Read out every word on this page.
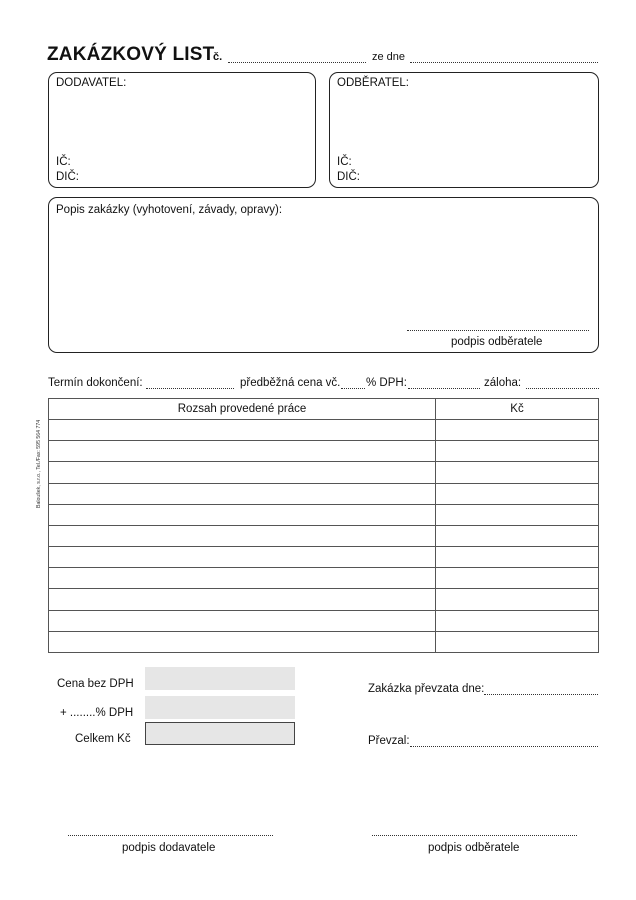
ZAKÁZKOVÝ LIST
č.	ze dne
DODAVATEL:
IČ:
DIČ:
ODBĚRATEL:
IČ:
DIČ:
Popis zakázky (vyhotovení, závady, opravy):
podpis odběratele
Termín dokončení:	předběžná cena vč. % DPH:	záloha:
Baloušek, s.r.o., Tel./Fax: 595 564 774
Rozsah provedené práce	Kč

Cena bez DPH
+ ........% DPH
Celkem Kč
Zakázka převzata dne:
Převzal:
podpis dodavatele	podpis odběratele
